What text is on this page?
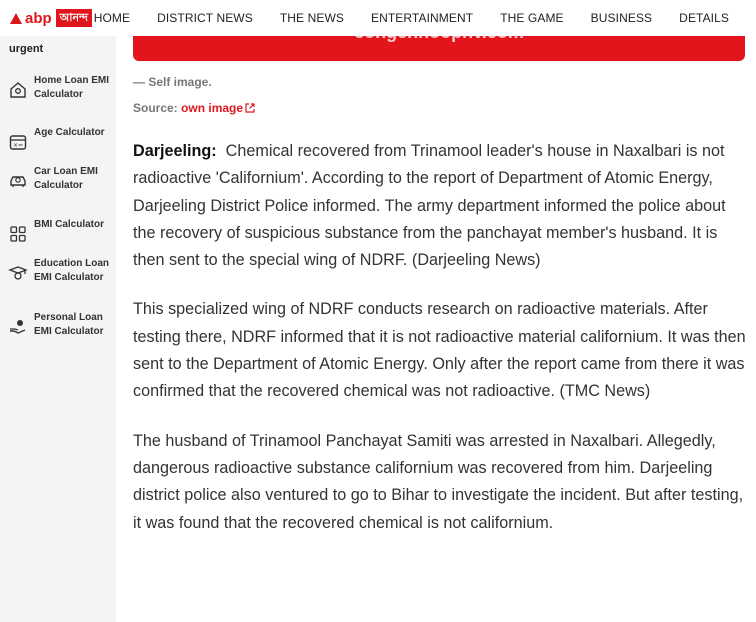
— Self image.
Source: own image

Darjeeling: Chemical recovered from Trinamool leader's house in Naxalbari is not radioactive 'Californium'. According to the report of Department of Atomic Energy, Darjeeling District Police informed. The army department informed the police about the recovery of suspicious substance from the panchayat member's husband. It is then sent to the special wing of NDRF. (Darjeeling News)

This specialized wing of NDRF conducts research on radioactive materials. After testing there, NDRF informed that it is not radioactive material californium. It was then sent to the Department of Atomic Energy. Only after the report came from there it was confirmed that the recovered chemical was not radioactive. (TMC News)

The husband of Trinamool Panchayat Samiti was arrested in Naxalbari. Allegedly, dangerous radioactive substance californium was recovered from him. Darjeeling district police also ventured to go to Bihar to investigate the incident. But after testing, it was found that the recovered chemical is not californium.

abp আনন্দ HOME DISTRICT NEWS THE NEWS ENTERTAINMENT THE GAME BUSINESS DETAILS
urgent
Home Loan EMI Calculator
×=
Age Calculator
Car Loan EMI Calculator
BMI Calculator
Education Loan EMI Calculator
Personal Loan EMI Calculator
